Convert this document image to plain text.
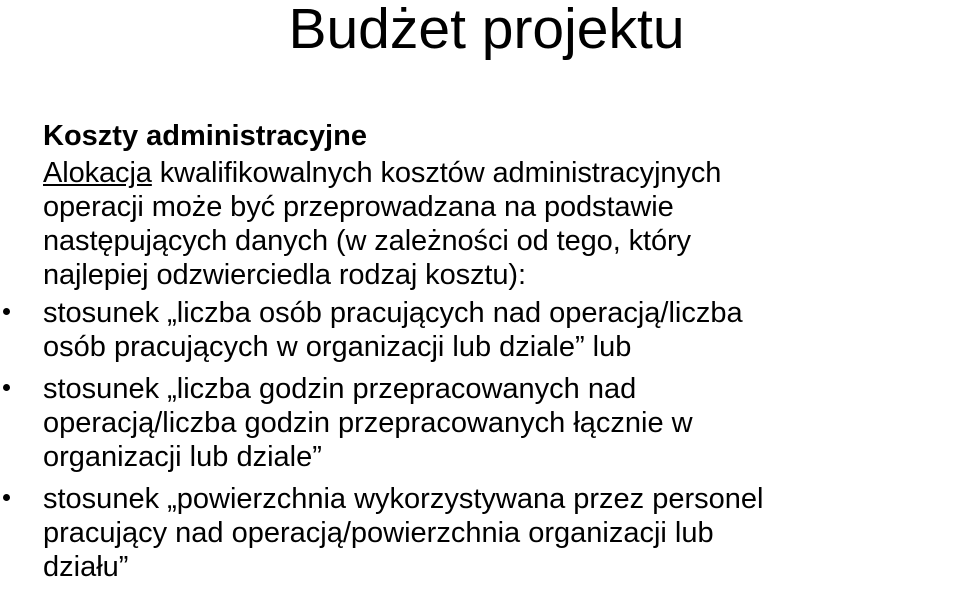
Budżet projektu

Koszty administracyjne

Alokacja kwalifikowalnych kosztów administracyjnych
operacji może być przeprowadzana na podstawie
następujących danych (w zależności od tego, który
najlepiej odzwierciedla rodzaj kosztu):

stosunek „liczba osób pracujących nad operacją/liczba
osób pracujących w organizacji lub dziale” lub
stosunek „liczba godzin przepracowanych nad
operacją/liczba godzin przepracowanych łącznie w
organizacji lub dziale”
stosunek „powierzchnia wykorzystywana przez personel
pracujący nad operacją/powierzchnia organizacji lub
działu”
